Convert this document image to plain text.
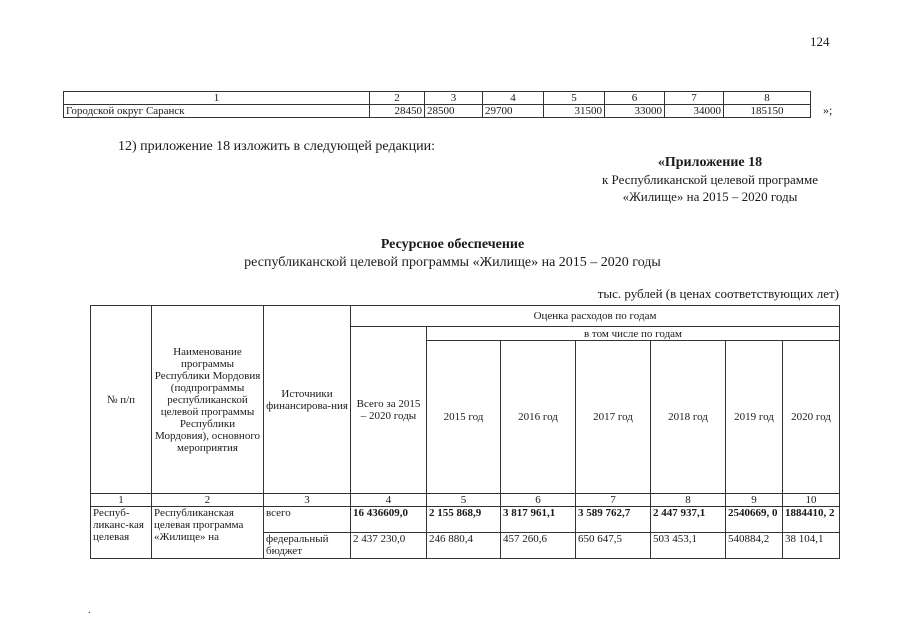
124
1	2	3	4	5	6	7	8
Городской округ Саранск	28450	28500	29700	31500	33000	34000	185150	»;
12) приложение 18 изложить в следующей редакции:
«Приложение 18
к Республиканской целевой программе
«Жилище» на 2015 – 2020 годы
Ресурсное обеспечение
республиканской целевой программы «Жилище» на 2015 – 2020 годы
тыс. рублей (в ценах соответствующих лет)
№ п/п	Наименование программы Республики Мордовия (подпрограммы республиканской целевой программы Республики Мордовия), основного мероприятия	Источники финансирова-ния	Оценка расходов по годам						
			Всего за 2015 – 2020 годы	в том числе по годам					
				2015 год	2016 год	2017 год	2018 год	2019 год	2020 год
1	2	3	4	5	6	7	8	9	10
Респуб-ликанс-кая целевая	Республиканская целевая программа «Жилище» на	всего	16 436609,0	2 155 868,9	3 817 961,1	3 589 762,7	2 447 937,1	2540669, 0	1884410, 2
		федеральный бюджет	2 437 230,0	246 880,4	457 260,6	650 647,5	503 453,1	540884,2	38 104,1
.
